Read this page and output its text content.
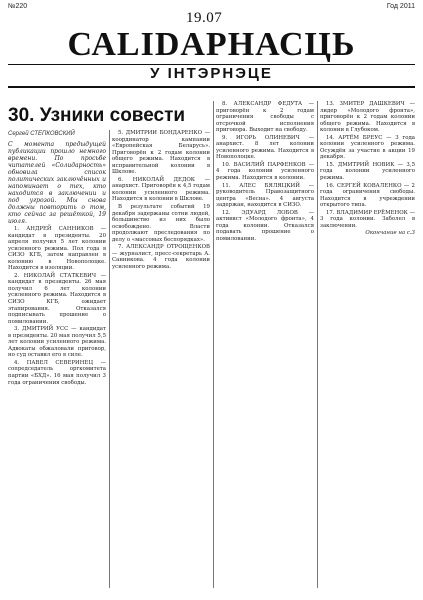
№220	Год 2011
19.07
САLIDАРНАСЦЬ
У IНТЭРНЭЦЕ
30. Узники совести
Сергей СТЕПКОВСКИЙ

С момента предыдущей публикации прошло немного времени. По просьбе читателей «Солидарность» обновила список политических заключённых и напоминает о тех, кто находится в заключении и под угрозой. Мы снова должны повторить о том, кто сейчас за решёткой, 19 июля.

1. АНДРЕЙ САННИКОВ — кандидат в президенты. 20 апреля получил 5 лет колонии усиленного режима. Пол года в СИЗО КГБ, затем направлен в колонию в Новополоцке. Находится в изоляции.

2. НИКОЛАЙ СТАТКЕВИЧ — кандидат в президенты. 26 мая получил 6 лет колонии усиленного режима. Находится в СИЗО КГБ, ожидает этапирования. Отказался подписывать прошение о помиловании.

3. ДМИТРИЙ УСС — кандидат в президенты. 20 мая получил 5,5 лет колонии усиленного режима. Адвокаты обжаловали приговор, но суд оставил его в силе.

4. ПАВЕЛ СЕВЕРИНЕЦ — сопредседатель оргкомитета партии «БХД». 16 мая получил 3 года ограничения свободы.

5. ДМИТРИЙ БОНДАРЕНКО — координатор кампании «Европейская Беларусь». Приговорён к 2 годам колонии общего режима. Находится в исправительной колонии в Шклове.

6. НИКОЛАЙ ДЕДОК — анархист. Приговорён к 4,5 годам колонии усиленного режима. Находится в колонии в Шклове.

В результате событий 19 декабря задержаны сотни людей, большинство из них было освобождено. Власти продолжают преследования по делу о «массовых беспорядках».

7. АЛЕКСАНДР ОТРОЩЕНКОВ — журналист, пресс-секретарь А. Санникова. 4 года колонии усиленного режима.

8. АЛЕКСАНДР ФЕДУТА — приговорён к 2 годам ограничения свободы с отсрочкой исполнения приговора. Выходит на свободу.

9. ИГОРЬ ОЛИНЕВИЧ — анархист. 8 лет колонии усиленного режима. Находится в Новополоцке.

10. ВАСИЛИЙ ПАРФЕНКОВ — 4 года колонии усиленного режима. Находится в колонии.

11. АЛЕС БЯЛЯЦКИЙ — руководитель Правозащитного центра «Весна». 4 августа задержан, находится в СИЗО.

12. ЭДУАРД ЛОБОВ — активист «Молодого фронта», 4 года колонии. Отказался подавать прошение о помиловании.

13. ЗМИТЕР ДАШКЕВИЧ — лидер «Молодого фронта», приговорён к 2 годам колонии общего режима. Находится в колонии в Глубоком.

14. АРТЁМ БРЕУС — 3 года колонии усиленного режима. Осуждён за участие в акции 19 декабря.

15. ДМИТРИЙ НОВИК — 3,5 года колонии усиленного режима.

16. СЕРГЕЙ КОВАЛЕНКО — 2 года ограничения свободы. Находится в учреждении открытого типа.

17. ВЛАДИМИР ЕРЁМЕНОК — 3 года колонии. Заболел в заключении.

Окончание на с.3
